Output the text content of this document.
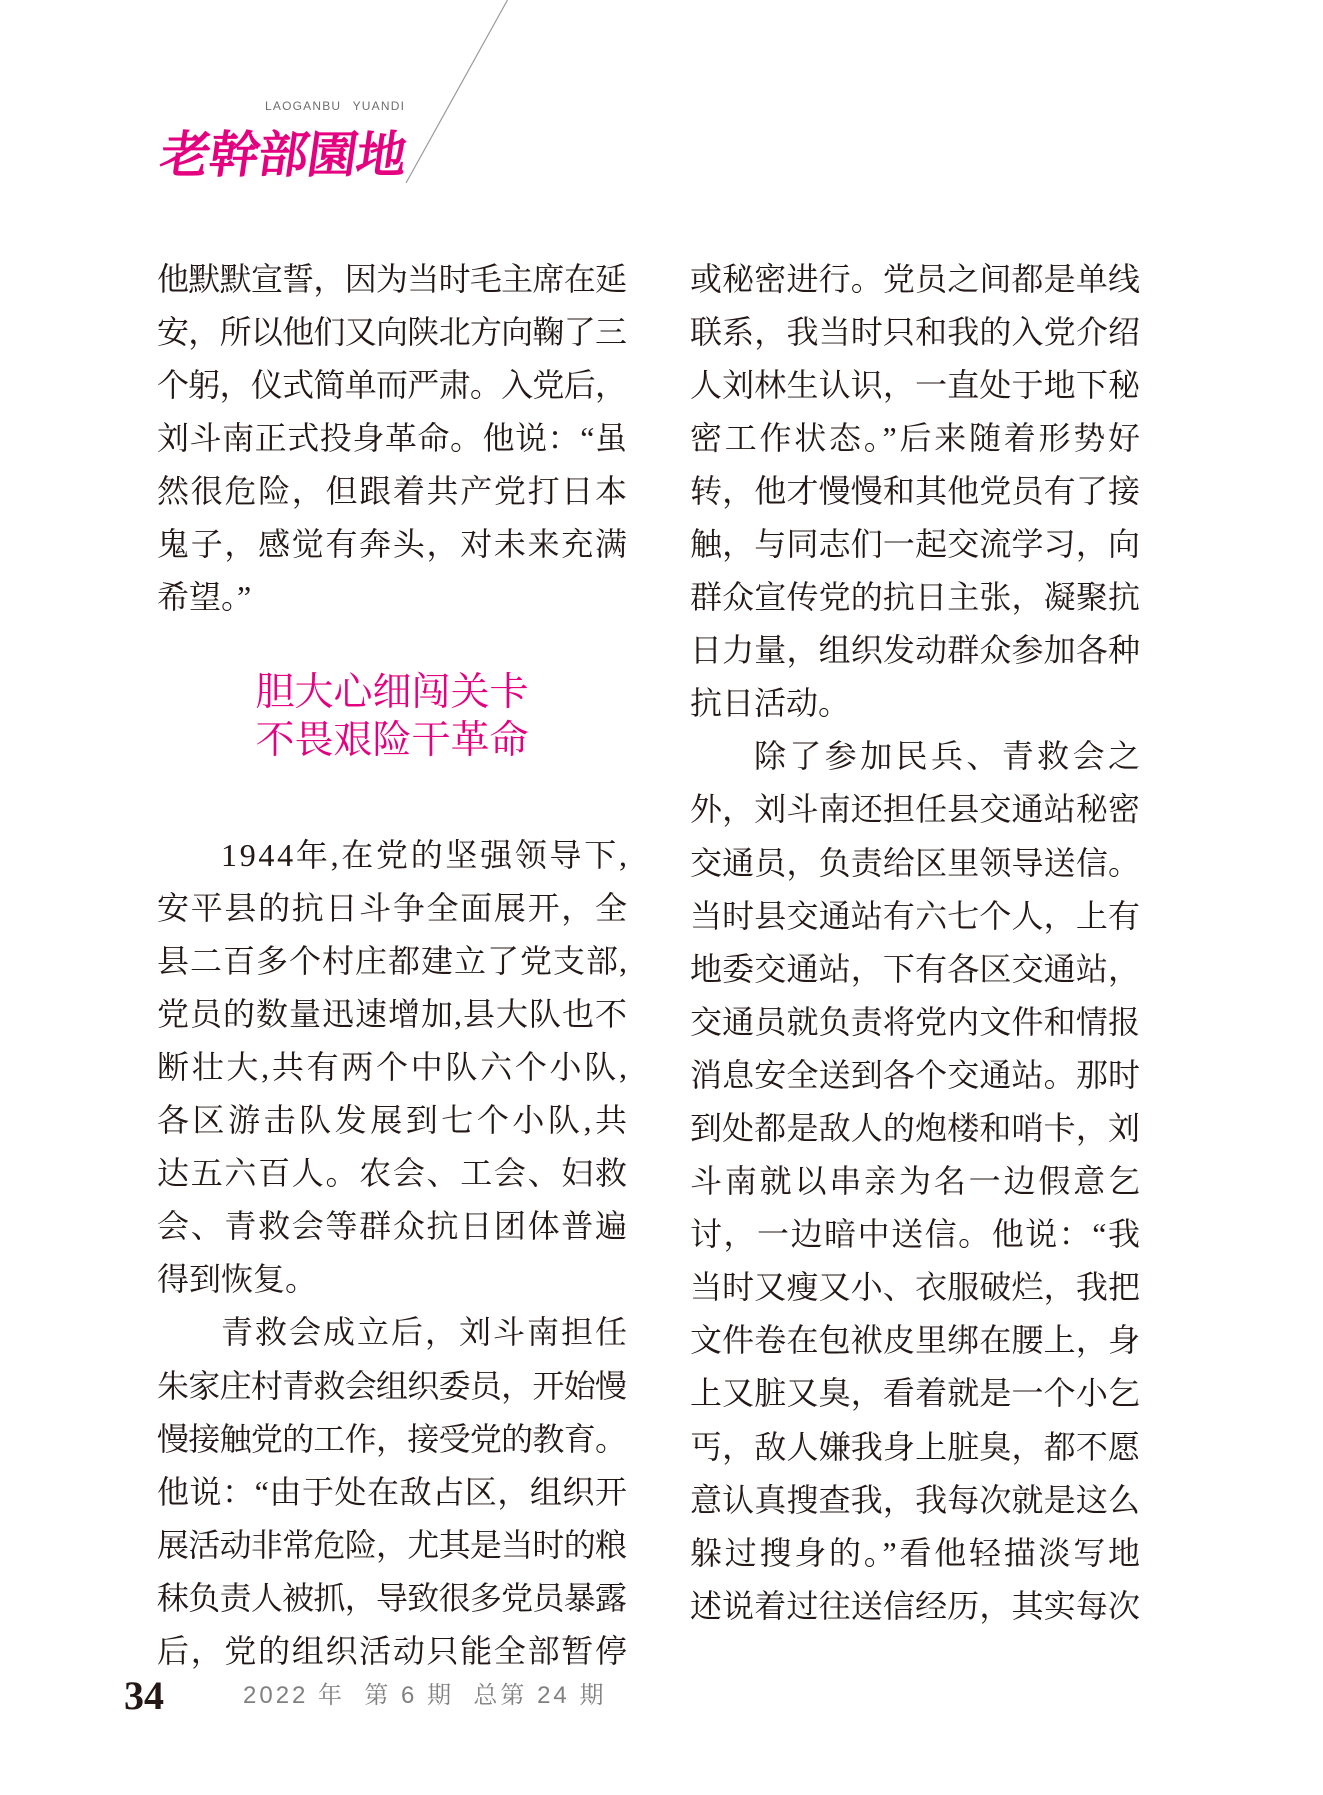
LAOGANBU YUANDI
老幹部園地
他默默宣誓，因为当时毛主席在延
安，所以他们又向陕北方向鞠了三
个躬，仪式简单而严肃。入党后，
刘斗南正式投身革命。他说：“虽
然很危险，但跟着共产党打日本
鬼子，感觉有奔头，对未来充满
希望。”
胆大心细闯关卡
不畏艰险干革命
1944年,在党的坚强领导下,
安平县的抗日斗争全面展开，全
县二百多个村庄都建立了党支部,
党员的数量迅速增加,县大队也不
断壮大,共有两个中队六个小队,
各区游击队发展到七个小队,共
达五六百人。农会、工会、妇救
会、青救会等群众抗日团体普遍
得到恢复。
青救会成立后，刘斗南担任
朱家庄村青救会组织委员，开始慢
慢接触党的工作，接受党的教育。
他说：“由于处在敌占区，组织开
展活动非常危险，尤其是当时的粮
秣负责人被抓，导致很多党员暴露
后，党的组织活动只能全部暂停
或秘密进行。党员之间都是单线
联系，我当时只和我的入党介绍
人刘林生认识，一直处于地下秘
密工作状态。”后来随着形势好
转，他才慢慢和其他党员有了接
触，与同志们一起交流学习，向
群众宣传党的抗日主张，凝聚抗
日力量，组织发动群众参加各种
抗日活动。
除了参加民兵、青救会之
外，刘斗南还担任县交通站秘密
交通员，负责给区里领导送信。
当时县交通站有六七个人，上有
地委交通站，下有各区交通站，
交通员就负责将党内文件和情报
消息安全送到各个交通站。那时
到处都是敌人的炮楼和哨卡，刘
斗南就以串亲为名一边假意乞
讨，一边暗中送信。他说：“我
当时又瘦又小、衣服破烂，我把
文件卷在包袱皮里绑在腰上，身
上又脏又臭，看着就是一个小乞
丐，敌人嫌我身上脏臭，都不愿
意认真搜查我，我每次就是这么
躲过搜身的。”看他轻描淡写地
述说着过往送信经历，其实每次
34	2022 年  第 6 期  总第 24 期
